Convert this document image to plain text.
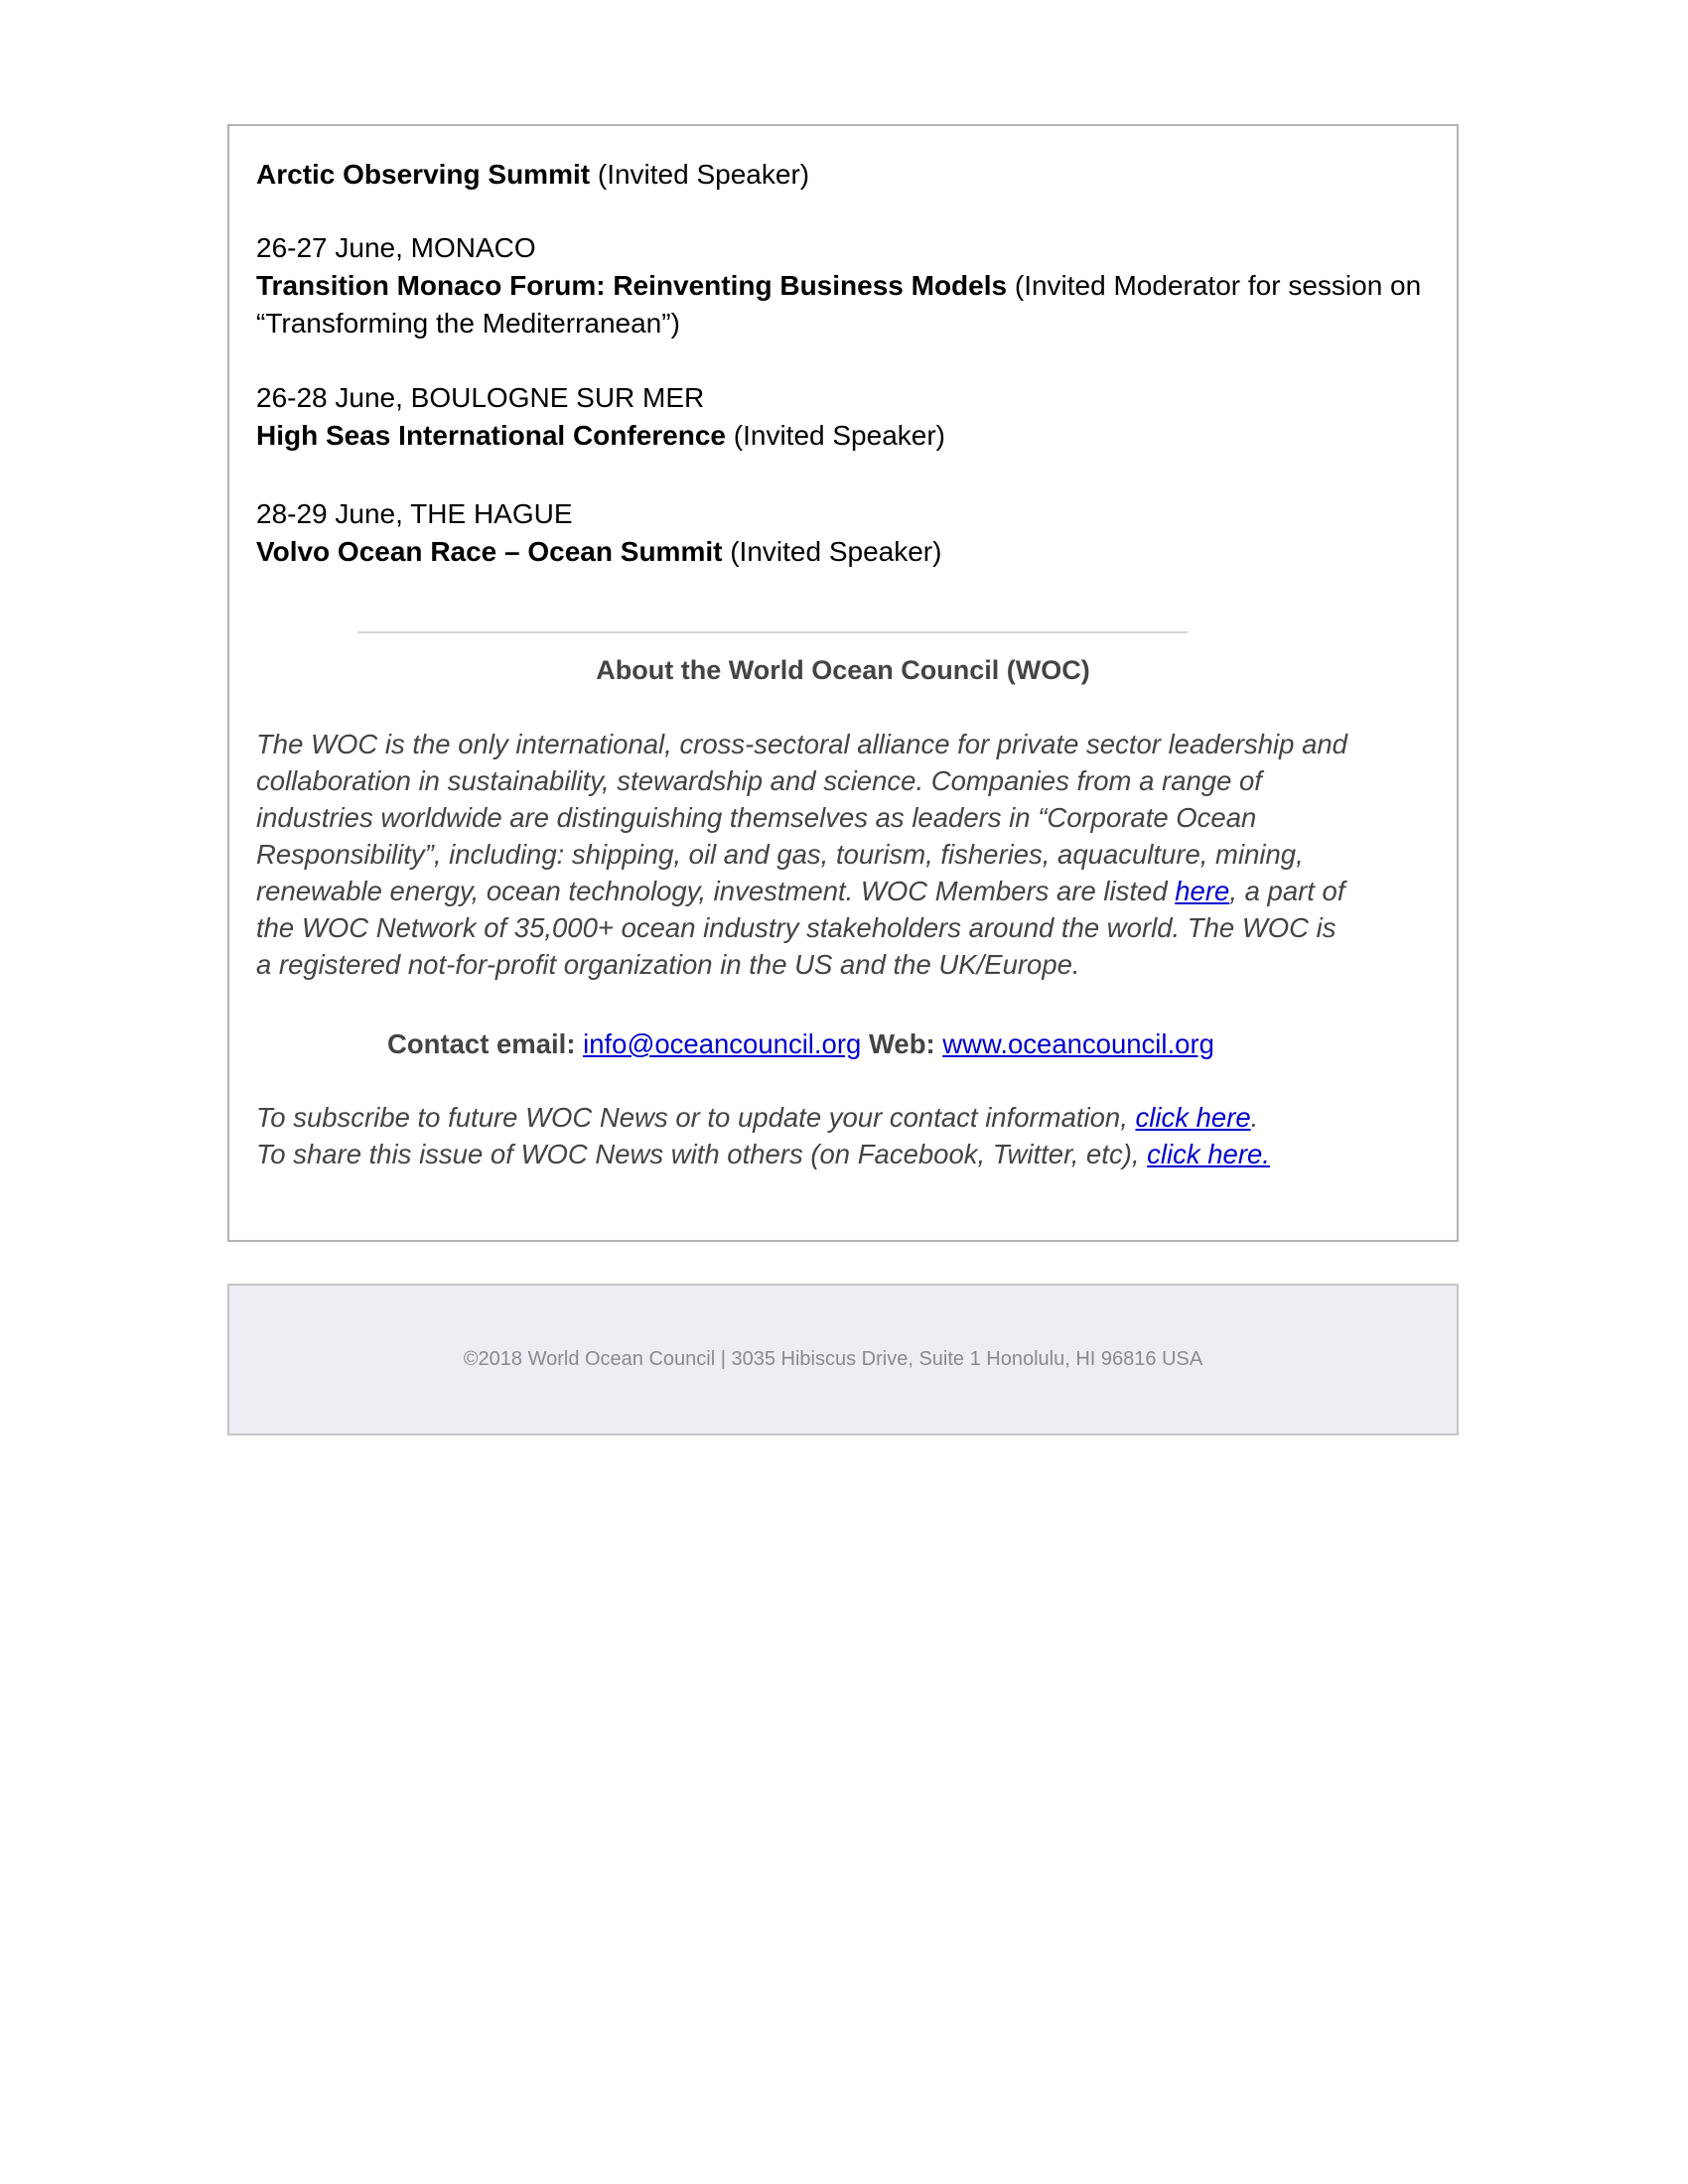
Arctic Observing Summit (Invited Speaker)
26-27 June, MONACO
Transition Monaco Forum: Reinventing Business Models (Invited Moderator for session on “Transforming the Mediterranean”)
26-28 June, BOULOGNE SUR MER
High Seas International Conference (Invited Speaker)
28-29 June, THE HAGUE
Volvo Ocean Race – Ocean Summit (Invited Speaker)
About the World Ocean Council (WOC)
The WOC is the only international, cross-sectoral alliance for private sector leadership and collaboration in sustainability, stewardship and science. Companies from a range of industries worldwide are distinguishing themselves as leaders in “Corporate Ocean Responsibility”, including: shipping, oil and gas, tourism, fisheries, aquaculture, mining, renewable energy, ocean technology, investment. WOC Members are listed here, a part of the WOC Network of 35,000+ ocean industry stakeholders around the world. The WOC is a registered not-for-profit organization in the US and the UK/Europe.
Contact email: info@oceancouncil.org Web: www.oceancouncil.org
To subscribe to future WOC News or to update your contact information, click here.
To share this issue of WOC News with others (on Facebook, Twitter, etc), click here.
©2018 World Ocean Council | 3035 Hibiscus Drive, Suite 1 Honolulu, HI 96816 USA
